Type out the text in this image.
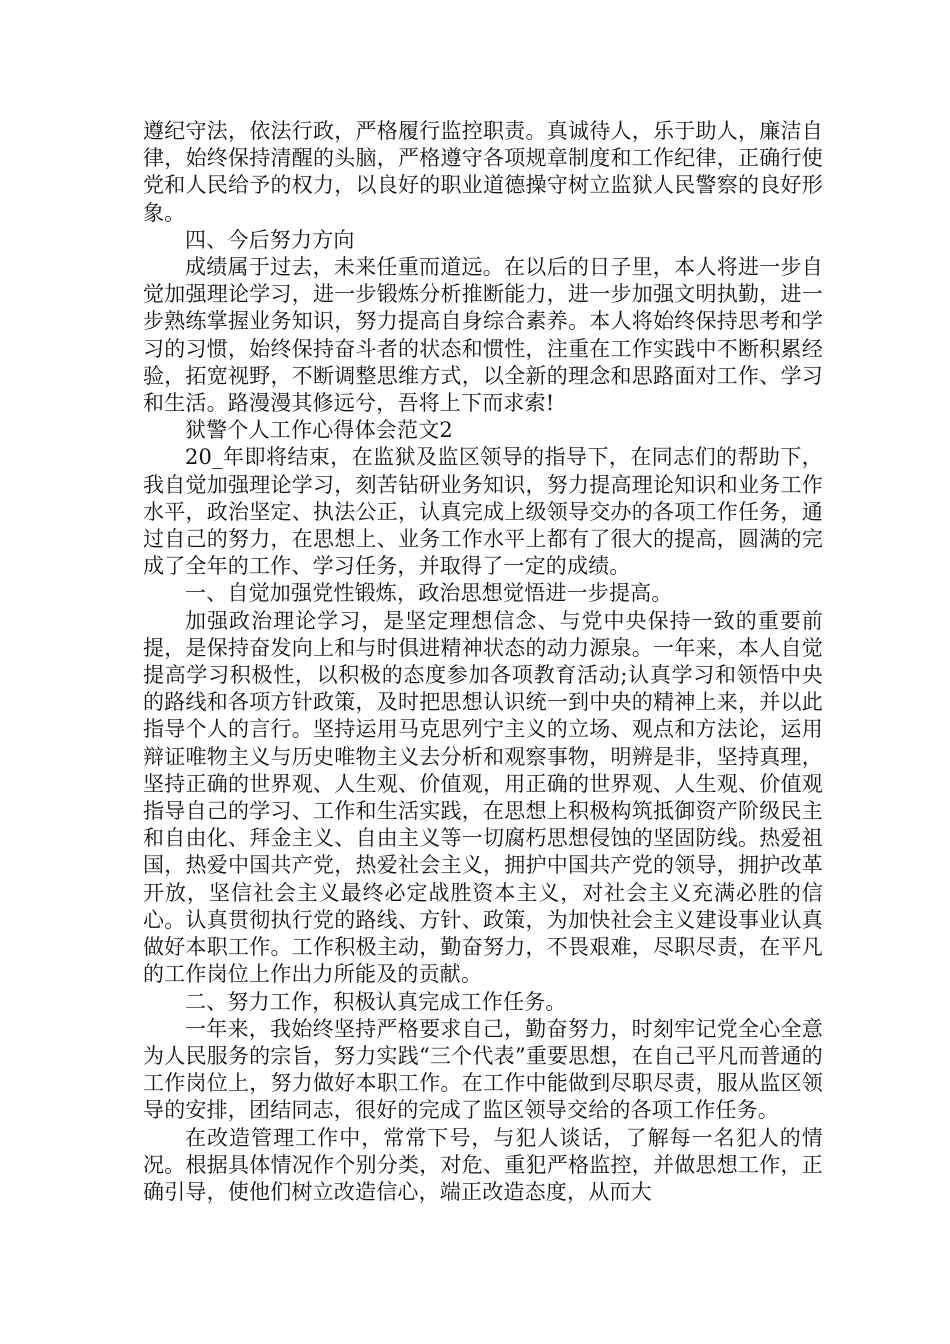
遵纪守法，依法行政，严格履行监控职责。真诚待人，乐于助人，廉洁自律，始终保持清醒的头脑，严格遵守各项规章制度和工作纪律，正确行使党和人民给予的权力，以良好的职业道德操守树立监狱人民警察的良好形象。

四、今后努力方向

成绩属于过去，未来任重而道远。在以后的日子里，本人将进一步自觉加强理论学习，进一步锻炼分析推断能力，进一步加强文明执勤，进一步熟练掌握业务知识，努力提高自身综合素养。本人将始终保持思考和学习的习惯，始终保持奋斗者的状态和惯性，注重在工作实践中不断积累经验，拓宽视野，不断调整思维方式，以全新的理念和思路面对工作、学习和生活。路漫漫其修远兮，吾将上下而求索!

狱警个人工作心得体会范文2

20_年即将结束，在监狱及监区领导的指导下，在同志们的帮助下，我自觉加强理论学习，刻苦钻研业务知识，努力提高理论知识和业务工作水平，政治坚定、执法公正，认真完成上级领导交办的各项工作任务，通过自己的努力，在思想上、业务工作水平上都有了很大的提高，圆满的完成了全年的工作、学习任务，并取得了一定的成绩。

一、自觉加强党性锻炼，政治思想觉悟进一步提高。

加强政治理论学习，是坚定理想信念、与党中央保持一致的重要前提，是保持奋发向上和与时俱进精神状态的动力源泉。一年来，本人自觉提高学习积极性，以积极的态度参加各项教育活动;认真学习和领悟中央的路线和各项方针政策，及时把思想认识统一到中央的精神上来，并以此指导个人的言行。坚持运用马克思列宁主义的立场、观点和方法论，运用辩证唯物主义与历史唯物主义去分析和观察事物，明辨是非，坚持真理，坚持正确的世界观、人生观、价值观，用正确的世界观、人生观、价值观指导自己的学习、工作和生活实践，在思想上积极构筑抵御资产阶级民主和自由化、拜金主义、自由主义等一切腐朽思想侵蚀的坚固防线。热爱祖国，热爱中国共产党，热爱社会主义，拥护中国共产党的领导，拥护改革开放，坚信社会主义最终必定战胜资本主义，对社会主义充满必胜的信心。认真贯彻执行党的路线、方针、政策，为加快社会主义建设事业认真做好本职工作。工作积极主动，勤奋努力，不畏艰难，尽职尽责，在平凡的工作岗位上作出力所能及的贡献。

二、努力工作，积极认真完成工作任务。

一年来，我始终坚持严格要求自己，勤奋努力，时刻牢记党全心全意为人民服务的宗旨，努力实践“三个代表”重要思想，在自己平凡而普通的工作岗位上，努力做好本职工作。在工作中能做到尽职尽责，服从监区领导的安排，团结同志，很好的完成了监区领导交给的各项工作任务。

在改造管理工作中，常常下号，与犯人谈话，了解每一名犯人的情况。根据具体情况作个别分类，对危、重犯严格监控，并做思想工作，正确引导，使他们树立改造信心，端正改造态度，从而大
